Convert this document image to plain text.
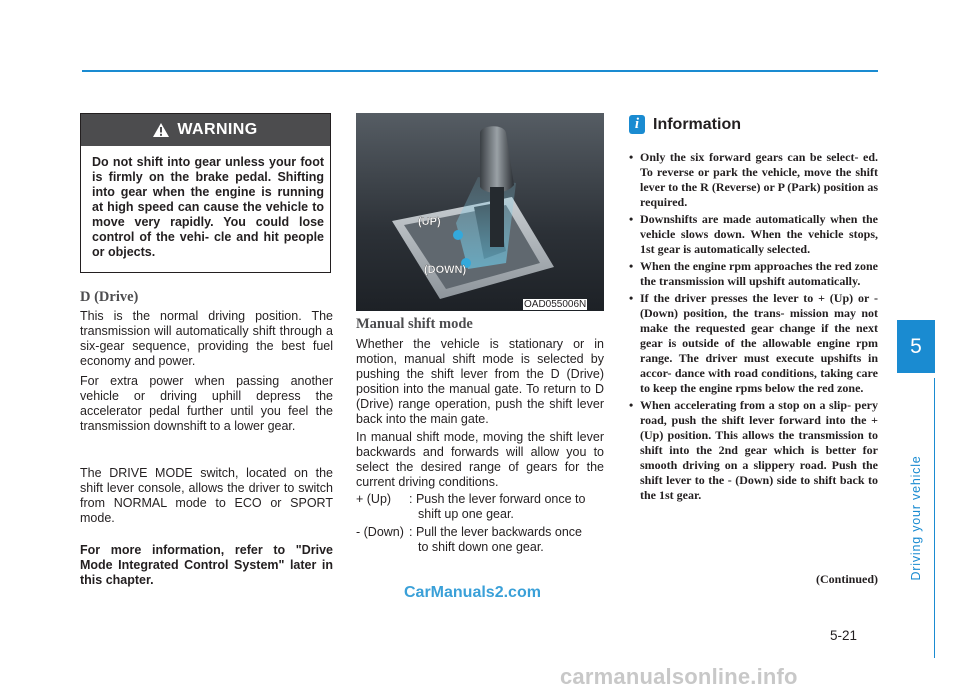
5
Driving your vehicle
WARNING
Do not shift into gear unless your foot is firmly on the brake pedal. Shifting into gear when the engine is running at high speed can cause the vehicle to move very rapidly. You could lose control of the vehi- cle and hit people or objects.
D (Drive)
This is the normal driving position. The transmission will automatically shift through a six-gear sequence, providing the best fuel economy and power.
For extra power when passing another vehicle or driving uphill depress the accelerator pedal further until you feel the transmission downshift to a lower gear.
The DRIVE MODE switch, located on the shift lever console, allows the driver to switch from NORMAL mode to ECO or SPORT mode.
For more information, refer to "Drive Mode Integrated Control System" later in this chapter.
(UP)
(DOWN)
OAD055006N
Manual shift mode
Whether the vehicle is stationary or in motion, manual shift mode is selected by pushing the shift lever from the D (Drive) position into the manual gate. To return to D (Drive) range operation, push the shift lever back into the main gate.
In manual shift mode, moving the shift lever backwards and forwards will allow you to select the desired range of gears for the current driving conditions.
+ (Up)	: Push the lever forward once to
shift up one gear.
- (Down) : Pull the lever backwards once
to shift down one gear.
i Information
• Only the six forward gears can be select- ed. To reverse or park the vehicle, move the shift lever to the R (Reverse) or P (Park) position as required.
• Downshifts are made automatically when the vehicle slows down. When the vehicle stops, 1st gear is automatically selected.
• When the engine rpm approaches the red zone the transmission will upshift automatically.
• If the driver presses the lever to + (Up) or - (Down) position, the trans- mission may not make the requested gear change if the next gear is outside of the allowable engine rpm range. The driver must execute upshifts in accor- dance with road conditions, taking care to keep the engine rpms below the red zone.
• When accelerating from a stop on a slip- pery road, push the shift lever forward into the + (Up) position. This allows the transmission to shift into the 2nd gear which is better for smooth driving on a slippery road. Push the shift lever to the - (Down) side to shift back to the 1st gear.
(Continued)
5-21
CarManuals2.com
carmanualsonline.info
